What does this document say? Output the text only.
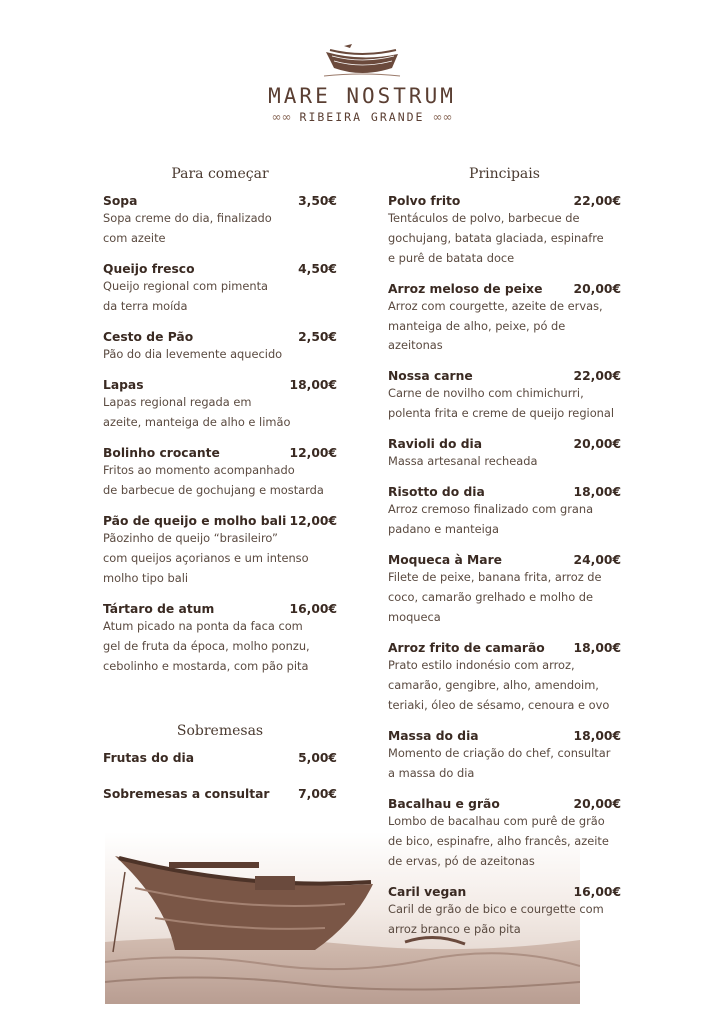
MARE NOSTRUM
∞∞ RIBEIRA GRANDE ∞∞
Para começar
Sopa	3,50€
Sopa creme do dia, finalizado
com azeite
Queijo fresco	4,50€
Queijo regional com pimenta
da terra moída
Cesto de Pão	2,50€
Pão do dia levemente aquecido
Lapas	18,00€
Lapas regional regada em
azeite, manteiga de alho e limão
Bolinho crocante	12,00€
Fritos ao momento acompanhado
de barbecue de gochujang e mostarda
Pão de queijo e molho bali 12,00€
Pãozinho de queijo “brasileiro”
com queijos açorianos e um intenso
molho tipo bali
Tártaro de atum	16,00€
Atum picado na ponta da faca com
gel de fruta da época, molho ponzu,
cebolinho e mostarda, com pão pita
Sobremesas
Frutas do dia	5,00€
Sobremesas a consultar 7,00€
Principais
Polvo frito	22,00€
Tentáculos de polvo, barbecue de
gochujang, batata glaciada, espinafre
e purê de batata doce
Arroz meloso de peixe	20,00€
Arroz com courgette, azeite de ervas,
manteiga de alho, peixe, pó de azeitonas
Nossa carne	22,00€
Carne de novilho com chimichurri,
polenta frita e creme de queijo regional
Ravioli do dia	20,00€
Massa artesanal recheada
Risotto do dia	18,00€
Arroz cremoso finalizado com grana
padano e manteiga
Moqueca à Mare	24,00€
Filete de peixe, banana frita, arroz de
coco, camarão grelhado e molho de
moqueca
Arroz frito de camarão 18,00€
Prato estilo indonésio com arroz,
camarão, gengibre, alho, amendoim,
teriaki, óleo de sésamo, cenoura e ovo
Massa do dia	18,00€
Momento de criação do chef, consultar
a massa do dia
Bacalhau e grão	20,00€
Lombo de bacalhau com purê de grão
de bico, espinafre, alho francês, azeite
de ervas, pó de azeitonas
Caril vegan	16,00€
Caril de grão de bico e courgette com
arroz branco e pão pita
